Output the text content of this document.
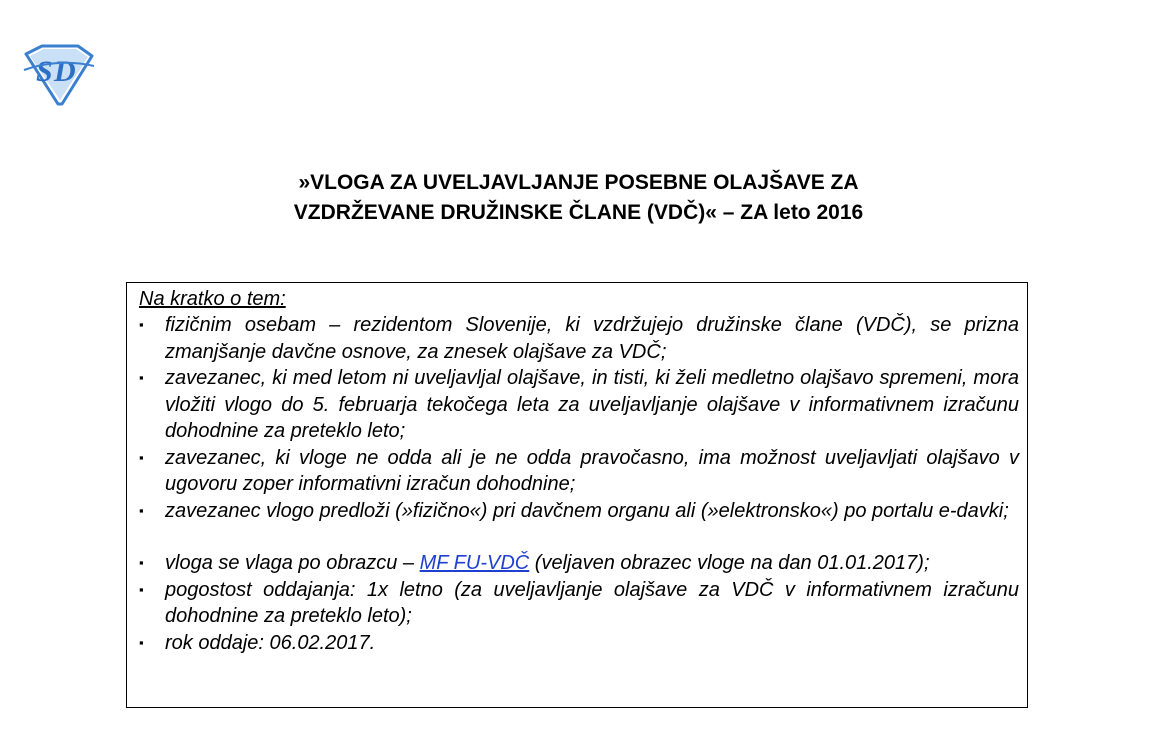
S D
»VLOGA ZA UVELJAVLJANJE POSEBNE OLAJŠAVE ZA
VZDRŽEVANE DRUŽINSKE ČLANE (VDČ)« – ZA leto 2016
Na kratko o tem:
▪ fizičnim osebam – rezidentom Slovenije, ki vzdržujejo družinske člane (VDČ), se prizna zmanjšanje davčne osnove, za znesek olajšave za VDČ;
▪ zavezanec, ki med letom ni uveljavljal olajšave, in tisti, ki želi medletno olajšavo spremeni, mora vložiti vlogo do 5. februarja tekočega leta za uveljavljanje olajšave v informativnem izračunu dohodnine za preteklo leto;
▪ zavezanec, ki vloge ne odda ali je ne odda pravočasno, ima možnost uveljavljati olajšavo v ugovoru zoper informativni izračun dohodnine;
▪ zavezanec vlogo predloži (»fizično«) pri davčnem organu ali (»elektronsko«) po portalu e-davki;
▪ vloga se vlaga po obrazcu – MF FU-VDČ (veljaven obrazec vloge na dan 01.01.2017);
▪ pogostost oddajanja: 1x letno (za uveljavljanje olajšave za VDČ v informativnem izračunu dohodnine za preteklo leto);
▪ rok oddaje: 06.02.2017.
